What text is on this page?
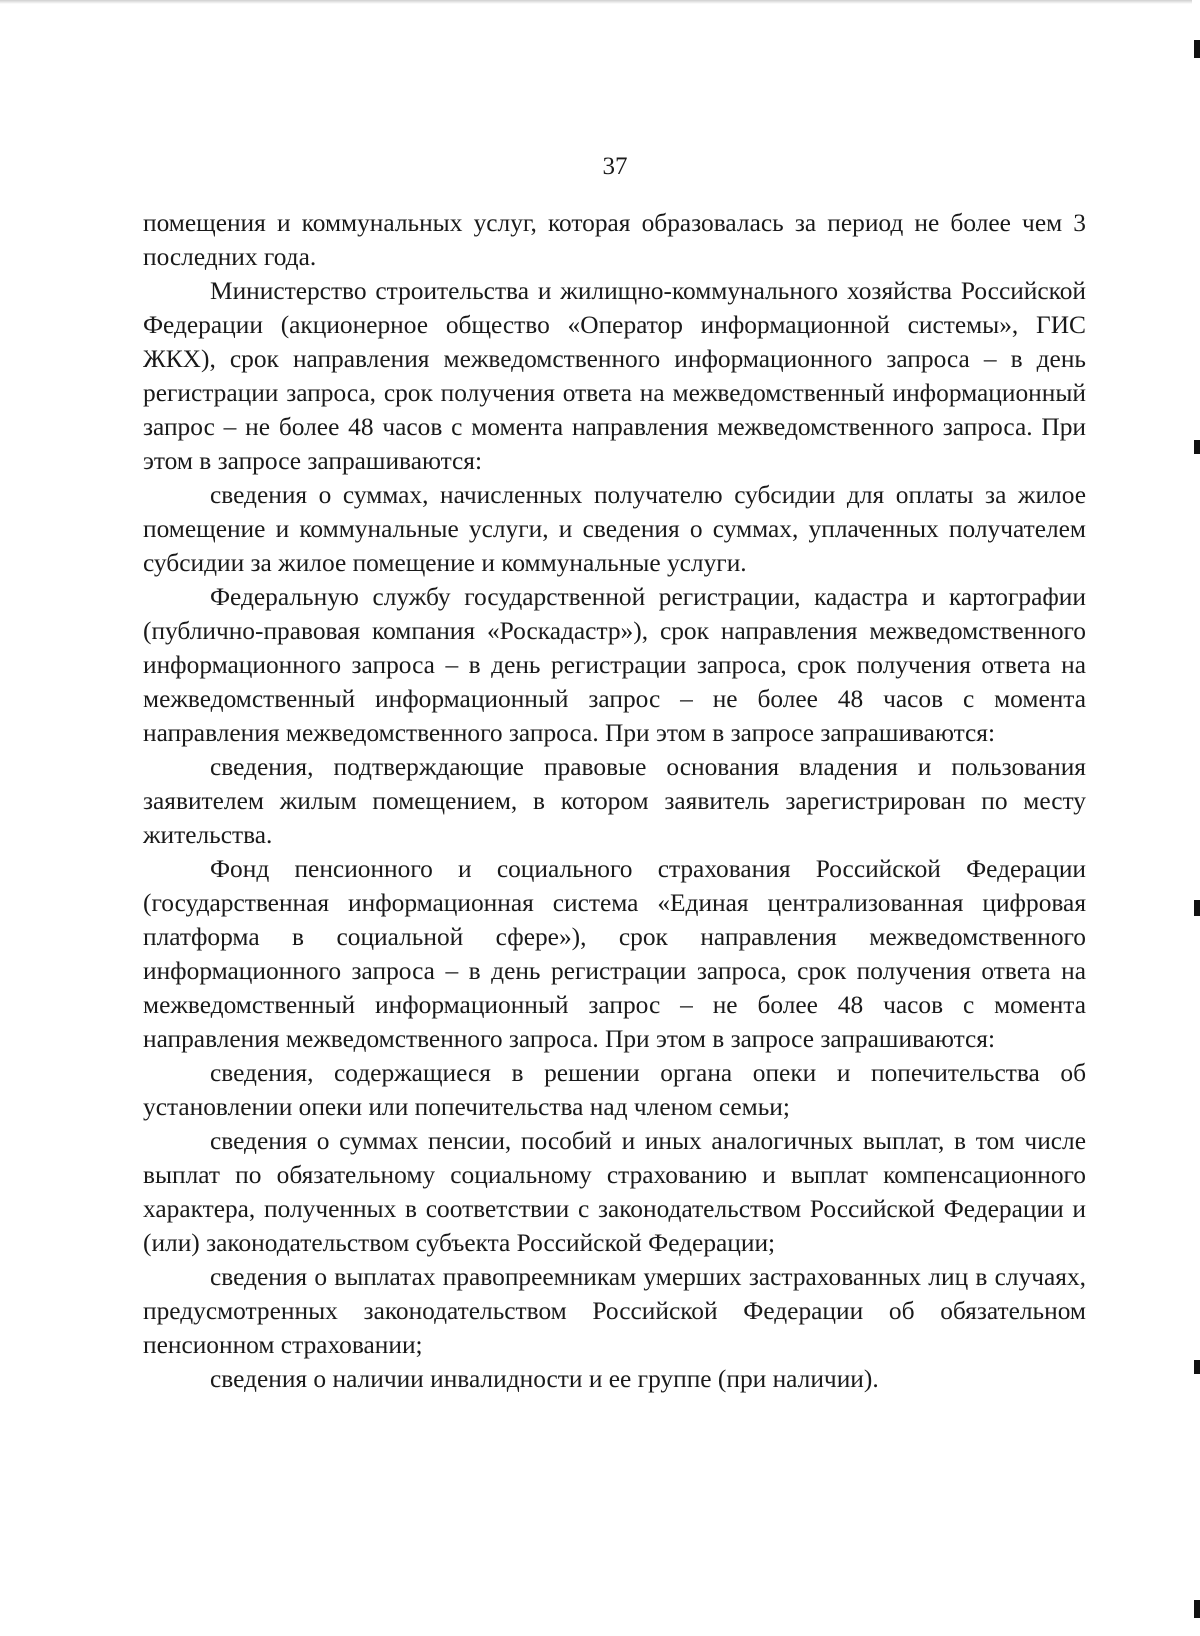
37

помещения и коммунальных услуг, которая образовалась за период не более чем 3 последних года.

Министерство строительства и жилищно-коммунального хозяйства Российской Федерации (акционерное общество «Оператор информационной системы», ГИС ЖКХ), срок направления межведомственного информационного запроса – в день регистрации запроса, срок получения ответа на межведомственный информационный запрос – не более 48 часов с момента направления межведомственного запроса. При этом в запросе запрашиваются:

сведения о суммах, начисленных получателю субсидии для оплаты за жилое помещение и коммунальные услуги, и сведения о суммах, уплаченных получателем субсидии за жилое помещение и коммунальные услуги.

Федеральную службу государственной регистрации, кадастра и картографии (публично-правовая компания «Роскадастр»), срок направления межведомственного информационного запроса – в день регистрации запроса, срок получения ответа на межведомственный информационный запрос – не более 48 часов с момента направления межведомственного запроса. При этом в запросе запрашиваются:

сведения, подтверждающие правовые основания владения и пользования заявителем жилым помещением, в котором заявитель зарегистрирован по месту жительства.

Фонд пенсионного и социального страхования Российской Федерации (государственная информационная система «Единая централизованная цифровая платформа в социальной сфере»), срок направления межведомственного информационного запроса – в день регистрации запроса, срок получения ответа на межведомственный информационный запрос – не более 48 часов с момента направления межведомственного запроса. При этом в запросе запрашиваются:

сведения, содержащиеся в решении органа опеки и попечительства об установлении опеки или попечительства над членом семьи;

сведения о суммах пенсии, пособий и иных аналогичных выплат, в том числе выплат по обязательному социальному страхованию и выплат компенсационного характера, полученных в соответствии с законодательством Российской Федерации и (или) законодательством субъекта Российской Федерации;

сведения о выплатах правопреемникам умерших застрахованных лиц в случаях, предусмотренных законодательством Российской Федерации об обязательном пенсионном страховании;

сведения о наличии инвалидности и ее группе (при наличии).
